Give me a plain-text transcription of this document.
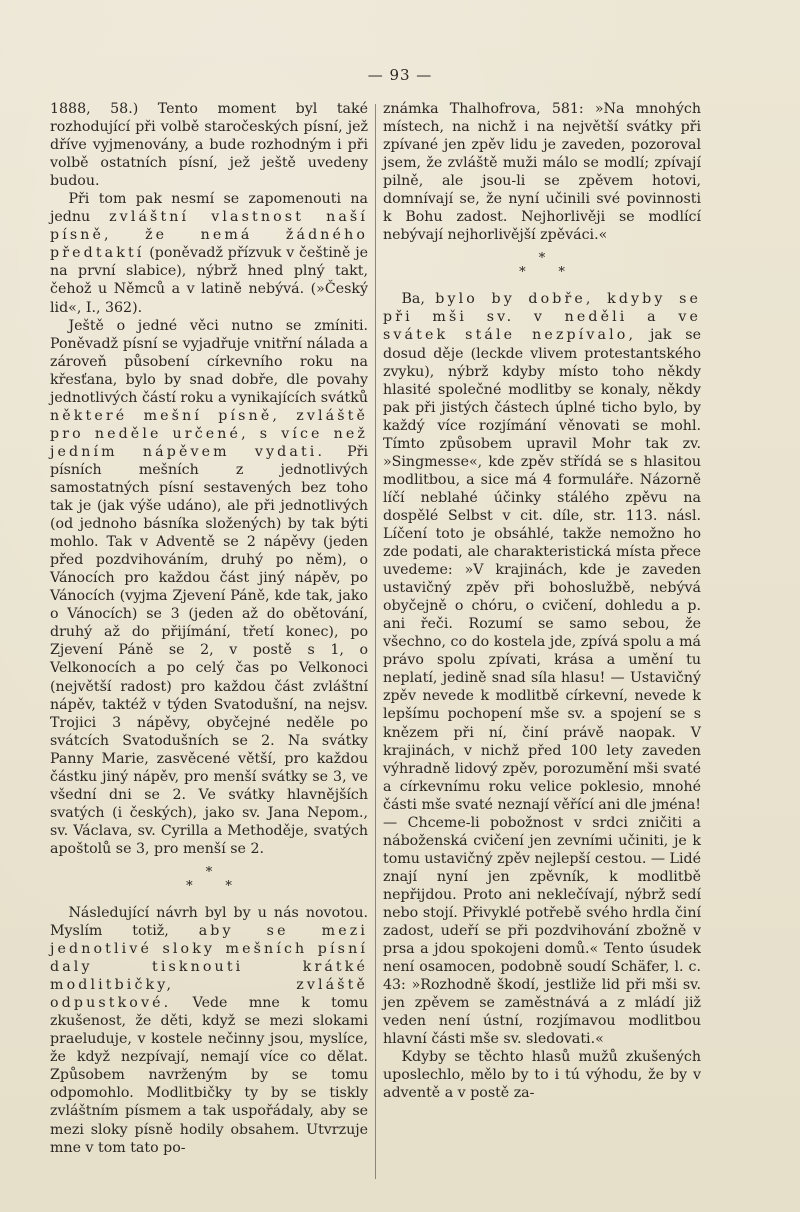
— 93 —

1888, 58.) Tento moment byl také rozhodující při volbě staročeských písní, jež dříve vyjmenovány, a bude rozhodným i při volbě ostatních písní, jež ještě uvedeny budou.

Při tom pak nesmí se zapomenouti na jednu zvláštní vlastnost naší písně, že nemá žádného předtaktí (poněvadž přízvuk v češtině je na první slabice), nýbrž hned plný takt, čehož u Němců a v latině nebývá. (»Český lid«, I., 362).

Ještě o jedné věci nutno se zmíniti. Poněvadž písní se vyjadřuje vnitřní nálada a zároveň působení církevního roku na křesťana, bylo by snad dobře, dle povahy jednotlivých částí roku a vynikajících svátků některé mešní písně, zvláště pro neděle určené, s více než jedním nápěvem vydati. Při písních mešních z jednotlivých samostatných písní sestavených bez toho tak je (jak výše udáno), ale při jednotlivých (od jednoho básníka složených) by tak býti mohlo. Tak v Adventě se 2 nápěvy (jeden před pozdvihováním, druhý po něm), o Vánocích pro každou část jiný nápěv, po Vánocích (vyjma Zjevení Páně, kde tak, jako o Vánocích) se 3 (jeden až do obětování, druhý až do přijímání, třetí konec), po Zjevení Páně se 2, v postě s 1, o Velkonocích a po celý čas po Velkonoci (největší radost) pro každou část zvláštní nápěv, taktéž v týden Svatodušní, na nejsv. Trojici 3 nápěvy, obyčejné neděle po svátcích Svatodušních se 2. Na svátky Panny Marie, zasvěcené větší, pro každou částku jiný nápěv, pro menší svátky se 3, ve všední dni se 2. Ve svátky hlavnějších svatých (i českých), jako sv. Jana Nepom., sv. Václava, sv. Cyrilla a Methoděje, svatých apoštolů se 3, pro menší se 2.

*
* *

Následující návrh byl by u nás novotou. Myslím totiž, aby se mezi jednotlivé sloky mešních písní daly tisknouti krátké modlitbičky, zvláště odpustkové. Vede mne k tomu zkušenost, že děti, když se mezi slokami praeluduje, v kostele nečinny jsou, myslíce, že když nezpívají, nemají více co dělat. Způsobem navrženým by se tomu odpomohlo. Modlitbičky ty by se tiskly zvláštním písmem a tak uspořádaly, aby se mezi sloky písně hodily obsahem. Utvrzuje mne v tom tato po-

známka Thalhofrova, 581: »Na mnohých místech, na nichž i na největší svátky při zpívané jen zpěv lidu je zaveden, pozoroval jsem, že zvláště muži málo se modlí; zpívají pilně, ale jsou-li se zpěvem hotovi, domnívají se, že nyní učinili své povinnosti k Bohu zadost. Nejhorlivěji se modlící nebývají nejhorlivější zpěváci.«

*
* *

Ba, bylo by dobře, kdyby se při mši sv. v neděli a ve svátek stále nezpívalo, jak se dosud děje (leckde vlivem protestantského zvyku), nýbrž kdyby místo toho někdy hlasité společné modlitby se konaly, někdy pak při jistých částech úplné ticho bylo, by každý více rozjímání věnovati se mohl. Tímto způsobem upravil Mohr tak zv. »Singmesse«, kde zpěv střídá se s hlasitou modlitbou, a sice má 4 formuláře. Názorně líčí neblahé účinky stálého zpěvu na dospělé Selbst v cit. díle, str. 113. násl. Líčení toto je obsáhlé, takže nemožno ho zde podati, ale charakteristická místa přece uvedeme: »V krajinách, kde je zaveden ustavičný zpěv při bohoslužbě, nebývá obyčejně o chóru, o cvičení, dohledu a p. ani řeči. Rozumí se samo sebou, že všechno, co do kostela jde, zpívá spolu a má právo spolu zpívati, krása a umění tu neplatí, jedině snad síla hlasu! — Ustavičný zpěv nevede k modlitbě církevní, nevede k lepšímu pochopení mše sv. a spojení se s knězem při ní, činí právě naopak. V krajinách, v nichž před 100 lety zaveden výhradně lidový zpěv, porozumění mši svaté a církevnímu roku velice poklesio, mnohé části mše svaté neznají věřící ani dle jména! — Chceme-li pobožnost v srdci zničiti a náboženská cvičení jen zevními učiniti, je k tomu ustavičný zpěv nejlepší cestou. — Lidé znají nyní jen zpěvník, k modlitbě nepřijdou. Proto ani neklečívají, nýbrž sedí nebo stojí. Přivyklé potřebě svého hrdla činí zadost, udeří se při pozdvihování zbožně v prsa a jdou spokojeni domů.« Tento úsudek není osamocen, podobně soudí Schäfer, l. c. 43: »Rozhodně škodí, jestliže lid při mši sv. jen zpěvem se zaměstnává a z mládí již veden není ústní, rozjímavou modlitbou hlavní části mše sv. sledovati.«

Kdyby se těchto hlasů mužů zkušených uposlechlo, mělo by to i tú výhodu, že by v adventě a v postě za-
